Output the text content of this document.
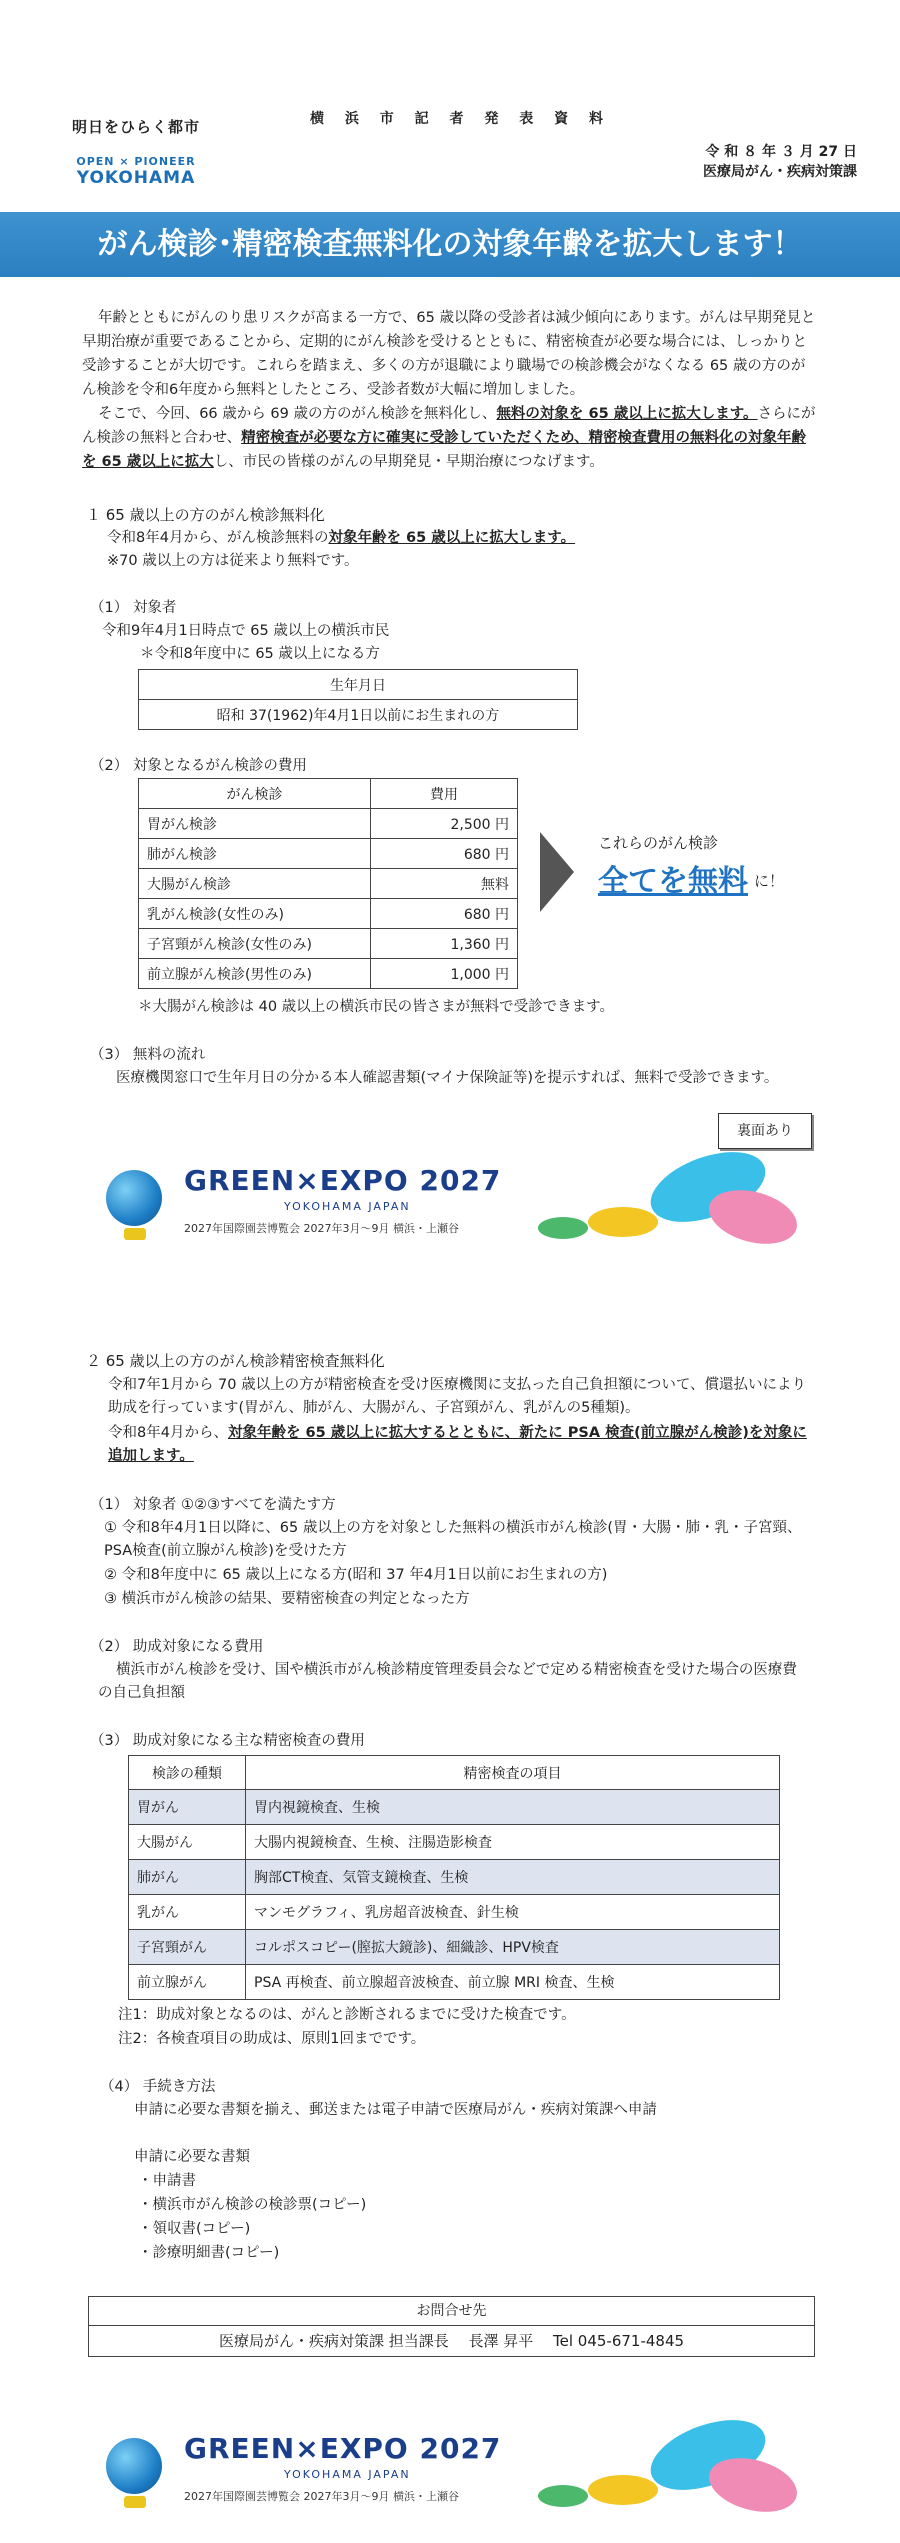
明日をひらく都市
OPEN × PIONEER
YOKOHAMA
横 浜 市 記 者 発 表 資 料
令 和 ８ 年 ３ 月 27 日
医療局がん・疾病対策課
がん検診･精密検査無料化の対象年齢を拡大します！
年齢とともにがんのり患リスクが高まる一方で、65 歳以降の受診者は減少傾向にあります。がんは早期発見と早期治療が重要であることから、定期的にがん検診を受けるとともに、精密検査が必要な場合には、しっかりと受診することが大切です。これらを踏まえ、多くの方が退職により職場での検診機会がなくなる 65 歳の方のがん検診を令和6年度から無料としたところ、受診者数が大幅に増加しました。
そこで、今回、66 歳から 69 歳の方のがん検診を無料化し、無料の対象を 65 歳以上に拡大します。さらにがん検診の無料と合わせ、精密検査が必要な方に確実に受診していただくため、精密検査費用の無料化の対象年齢を 65 歳以上に拡大し、市民の皆様のがんの早期発見・早期治療につなげます。
１ 65 歳以上の方のがん検診無料化
令和8年4月から、がん検診無料の対象年齢を 65 歳以上に拡大します。
※70 歳以上の方は従来より無料です。
（1） 対象者
令和9年4月1日時点で 65 歳以上の横浜市民
＊令和8年度中に 65 歳以上になる方
生年月日
昭和 37(1962)年4月1日以前にお生まれの方
（2） 対象となるがん検診の費用
がん検診	費用
胃がん検診	2,500 円
肺がん検診	680 円
大腸がん検診	無料
乳がん検診(女性のみ)	680 円
子宮頸がん検診(女性のみ)	1,360 円
前立腺がん検診(男性のみ)	1,000 円
これらのがん検診
全てを無料 に！
＊大腸がん検診は 40 歳以上の横浜市民の皆さまが無料で受診できます。
（3） 無料の流れ
医療機関窓口で生年月日の分かる本人確認書類(マイナ保険証等)を提示すれば、無料で受診できます。
裏面あり
GREEN×EXPO 2027
YOKOHAMA JAPAN
2027年国際園芸博覧会 2027年3月～9月 横浜・上瀬谷
２ 65 歳以上の方のがん検診精密検査無料化
令和7年1月から 70 歳以上の方が精密検査を受け医療機関に支払った自己負担額について、償還払いにより助成を行っています(胃がん、肺がん、大腸がん、子宮頸がん、乳がんの5種類)。
令和8年4月から、対象年齢を 65 歳以上に拡大するとともに、新たに PSA 検査(前立腺がん検診)を対象に追加します。
（1） 対象者 ①②③すべてを満たす方
① 令和8年4月1日以降に、65 歳以上の方を対象とした無料の横浜市がん検診(胃・大腸・肺・乳・子宮頸、PSA検査(前立腺がん検診)を受けた方
② 令和8年度中に 65 歳以上になる方(昭和 37 年4月1日以前にお生まれの方)
③ 横浜市がん検診の結果、要精密検査の判定となった方
（2） 助成対象になる費用
横浜市がん検診を受け、国や横浜市がん検診精度管理委員会などで定める精密検査を受けた場合の医療費の自己負担額
（3） 助成対象になる主な精密検査の費用
検診の種類	精密検査の項目
胃がん	胃内視鏡検査、生検
大腸がん	大腸内視鏡検査、生検、注腸造影検査
肺がん	胸部CT検査、気管支鏡検査、生検
乳がん	マンモグラフィ、乳房超音波検査、針生検
子宮頸がん	コルポスコピー(膣拡大鏡診)、細織診、HPV検査
前立腺がん	PSA 再検査、前立腺超音波検査、前立腺 MRI 検査、生検
注1：助成対象となるのは、がんと診断されるまでに受けた検査です。
注2：各検査項目の助成は、原則1回までです。
（4） 手続き方法
申請に必要な書類を揃え、郵送または電子申請で医療局がん・疾病対策課へ申請
申請に必要な書類
・申請書
・横浜市がん検診の検診票(コピー)
・領収書(コピー)
・診療明細書(コピー)
お問合せ先
医療局がん・疾病対策課 担当課長　 長澤 昇平　 Tel 045-671-4845
GREEN×EXPO 2027
YOKOHAMA JAPAN
2027年国際園芸博覧会 2027年3月～9月 横浜・上瀬谷
